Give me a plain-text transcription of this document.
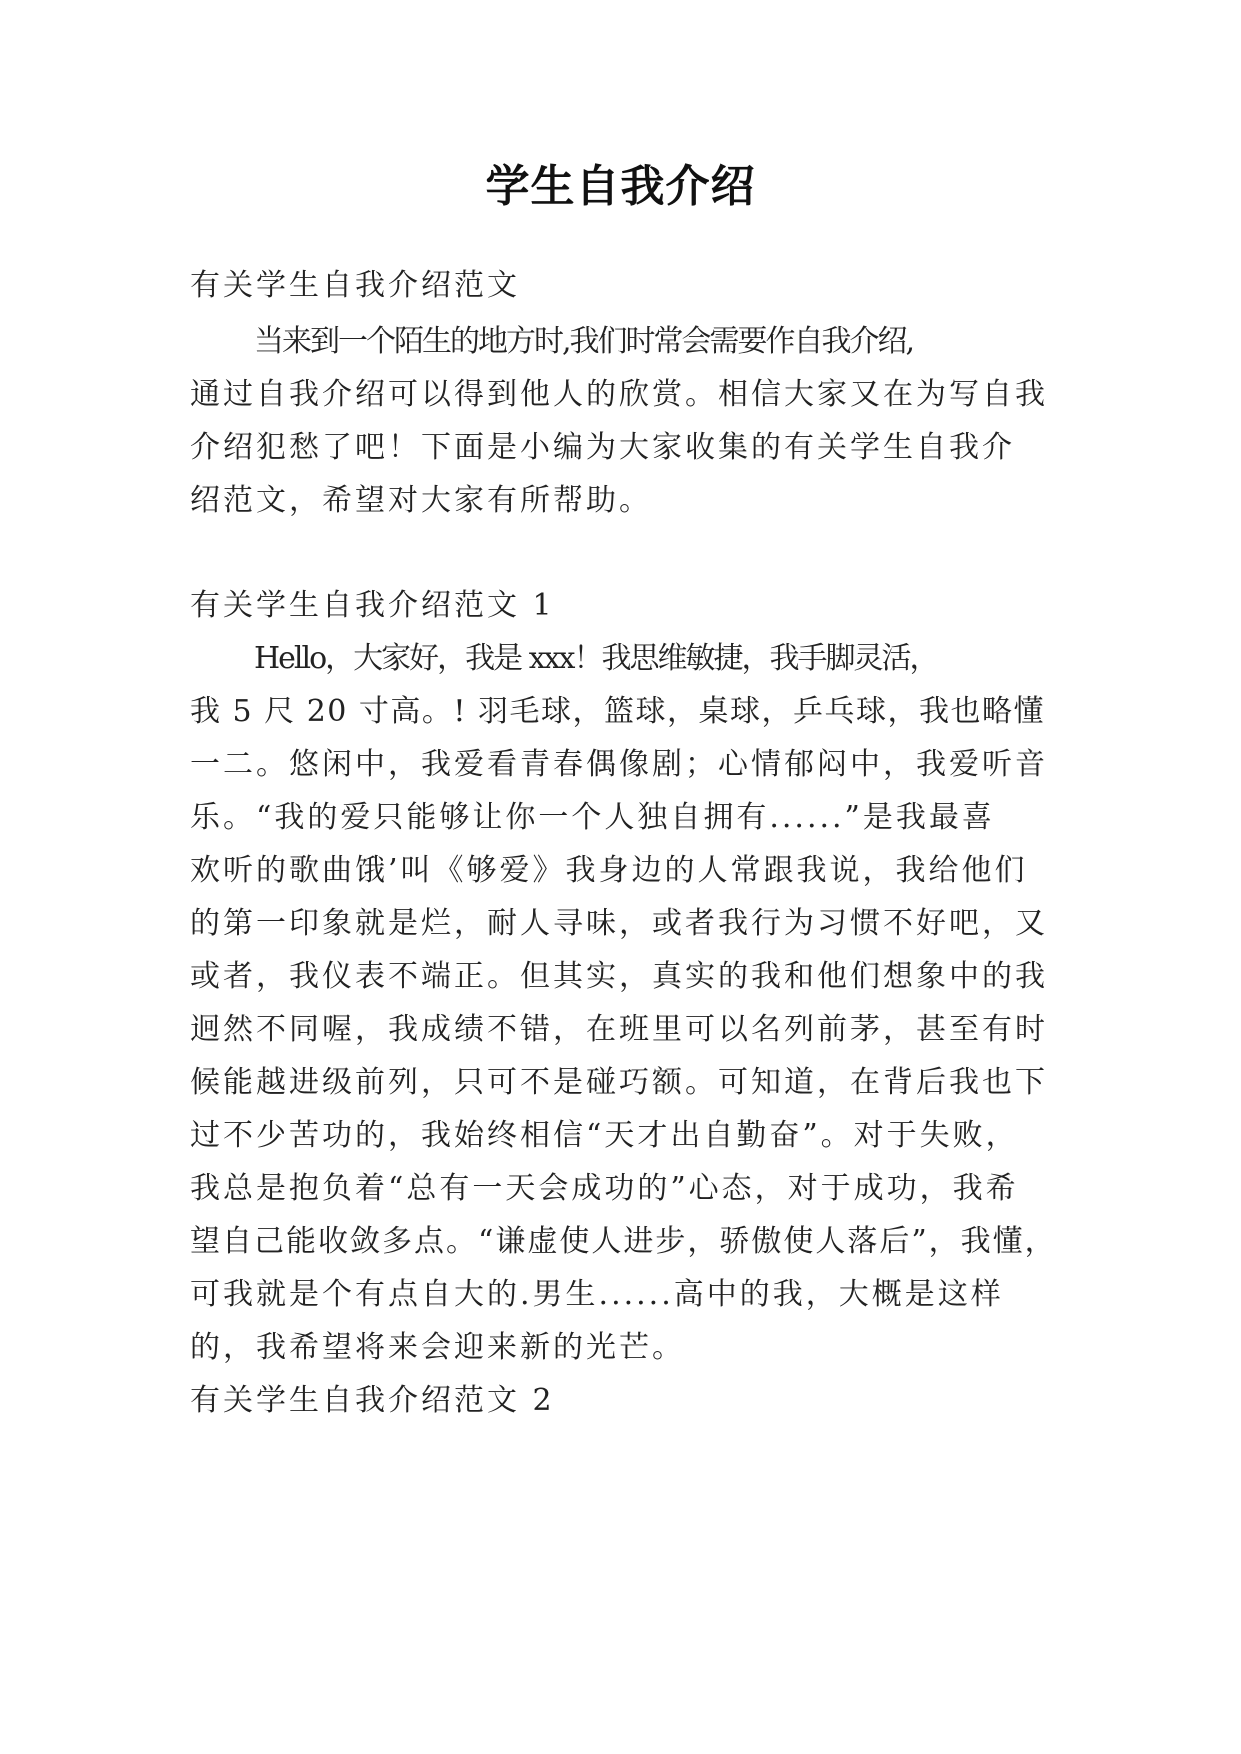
学生自我介绍

有关学生自我介绍范文

当来到一个陌生的地方时,我们时常会需要作自我介绍,

通过自我介绍可以得到他人的欣赏。相信大家又在为写自我

介绍犯愁了吧！下面是小编为大家收集的有关学生自我介

绍范文，希望对大家有所帮助。

有关学生自我介绍范文 1

Hello，大家好，我是 xxx！我思维敏捷，我手脚灵活，

我 5 尺 20 寸高。! 羽毛球，篮球，桌球，乒乓球，我也略懂

一二。悠闲中，我爱看青春偶像剧；心情郁闷中，我爱听音

乐。“我的爱只能够让你一个人独自拥有......”是我最喜

欢听的歌曲饿’叫《够爱》我身边的人常跟我说，我给他们

的第一印象就是烂，耐人寻味，或者我行为习惯不好吧，又

或者，我仪表不端正。但其实，真实的我和他们想象中的我

迥然不同喔，我成绩不错，在班里可以名列前茅，甚至有时

候能越进级前列，只可不是碰巧额。可知道，在背后我也下

过不少苦功的，我始终相信“天才出自勤奋”。对于失败，

我总是抱负着“总有一天会成功的”心态，对于成功，我希

望自己能收敛多点。“谦虚使人进步，骄傲使人落后”，我懂，

可我就是个有点自大的.男生......高中的我，大概是这样

的，我希望将来会迎来新的光芒。

有关学生自我介绍范文 2
